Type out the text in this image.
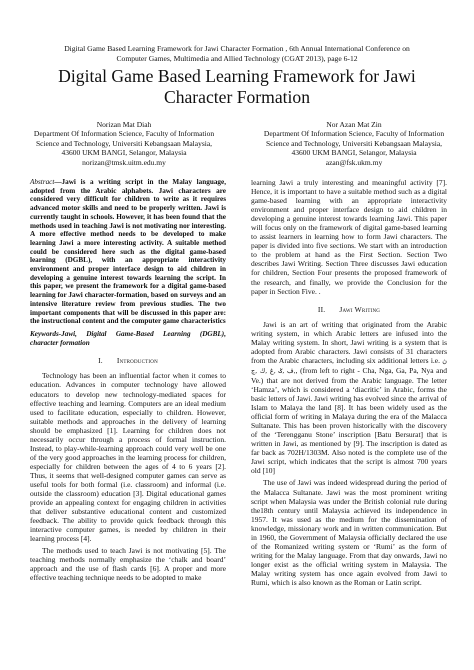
Digital Game Based Learning Framework for Jawi Character Formation , 6th Annual International Conference on
Computer Games, Multimedia and Allied Technology (CGAT 2013), page 6-12
Digital Game Based Learning Framework for Jawi
Character Formation
Norizan Mat Diah
Department Of Information Science, Faculty of Information
Science and Technology, Universiti Kebangsaan Malaysia,
43600 UKM BANGI, Selangor, Malaysia
norizan@tmsk.uitm.edu.my
Nor Azan Mat Zin
Department Of Information Science, Faculty of Information
Science and Technology, Universiti Kebangsaan Malaysia,
43600 UKM BANGI, Selangor, Malaysia
azan@fsk.ukm.my

Abstract—Jawi is a writing script in the Malay language, adopted from the Arabic alphabets. Jawi characters are considered very difficult for children to write as it requires advanced motor skills and need to be properly written. Jawi is currently taught in schools. However, it has been found that the methods used in teaching Jawi is not motivating nor interesting. A more effective method needs to be developed to make learning Jawi a more interesting activity. A suitable method could be considered here such as the digital game-based learning (DGBL), with an appropriate interactivity environment and proper interface design to aid children in developing a genuine interest towards learning the script. In this paper, we present the framework for a digital game-based learning for Jawi character-formation, based on surveys and an intensive literature review from previous studies. The two important components that will be discussed in this paper are: the instructional content and the computer game characteristics

Keywords-Jawi, Digital Game-Based Learning (DGBL), character formation

I. Introduction

Technology has been an influential factor when it comes to education. Advances in computer technology have allowed educators to develop new technology-mediated spaces for effective teaching and learning. Computers are an ideal medium used to facilitate education, especially to children. However, suitable methods and approaches in the delivery of learning should be emphasized [1]. Learning for children does not necessarily occur through a process of formal instruction. Instead, to play-while-learning approach could very well be one of the very good approaches in the learning process for children, especially for children between the ages of 4 to 6 years [2]. Thus, it seems that well-designed computer games can serve as useful tools for both formal (i.e. classroom) and informal (i.e. outside the classroom) education [3]. Digital educational games provide an appealing context for engaging children in activities that deliver substantive educational content and customized feedback. The ability to provide quick feedback through this interactive computer games, is needed by children in their learning process [4].

The methods used to teach Jawi is not motivating [5]. The teaching methods normally emphasize the ‘chalk and board’ approach and the use of flash cards [6]. A proper and more effective teaching technique needs to be adopted to make

learning Jawi a truly interesting and meaningful activity [7]. Hence, it is important to have a suitable method such as a digital game-based learning with an appropriate interactivity environment and proper interface design to aid children in developing a genuine interest towards learning Jawi. This paper will focus only on the framework of digital game-based learning to assist learners in learning how to form Jawi characters. The paper is divided into five sections. We start with an introduction to the problem at hand as the First Section. Section Two describes Jawi Writing. Section Three discusses Jawi education for children, Section Four presents the proposed framework of the research, and finally, we provide the Conclusion for the paper in Section Five. .

II. Jawi Writing

Jawi is an art of writing that originated from the Arabic writing system, in which Arabic letters are infused into the Malay writing system. In short, Jawi writing is a system that is adopted from Arabic characters. Jawi consists of 31 characters from the Arabic characters, including six additional letters i.e. ڽ ,ڤ ,ݢ ,ڠ ,ڬ ,چ, (from left to right - Cha, Nga, Ga, Pa, Nya and Ve.) that are not derived from the Arabic language. The letter ‘Hamza’, which is considered a ‘diacritic’ in Arabic, forms the basic letters of Jawi. Jawi writing has evolved since the arrival of Islam to Malaya the land [8]. It has been widely used as the official form of writing in Malaya during the era of the Malacca Sultanate. This has been proven historically with the discovery of the ‘Terengganu Stone’ inscription [Batu Bersurat] that is written in Jawi, as mentioned by [9]. The inscription is dated as far back as 702H/1303M. Also noted is the complete use of the Jawi script, which indicates that the script is almost 700 years old [10]

The use of Jawi was indeed widespread during the period of the Malacca Sultanate. Jawi was the most prominent writing script when Malaysia was under the British colonial rule during the18th century until Malaysia achieved its independence in 1957. It was used as the medium for the dissemination of knowledge, missionary work and in written communication. But in 1960, the Government of Malaysia officially declared the use of the Romanized writing system or ‘Rumi’ as the form of writing for the Malay language. From that day onwards, Jawi no longer exist as the official writing system in Malaysia. The Malay writing system has once again evolved from Jawi to Rumi, which is also known as the Roman or Latin script.
